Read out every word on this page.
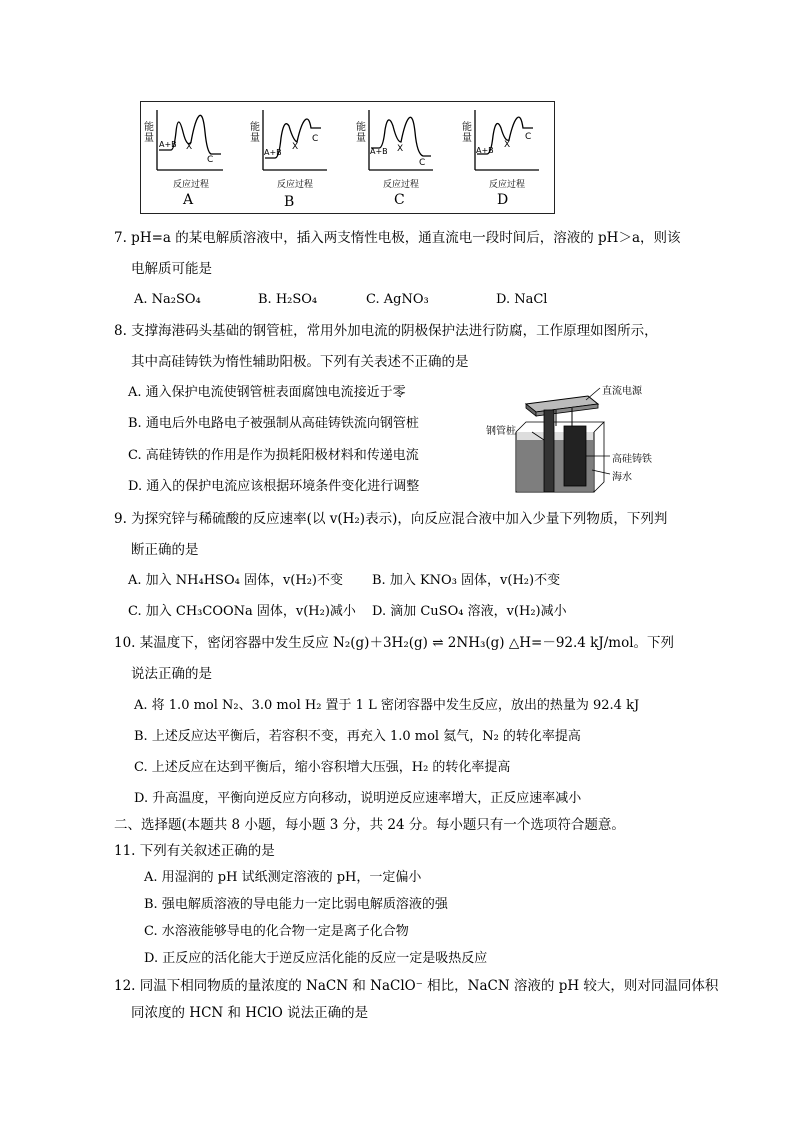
能量
A+B X
C
反应过程
A
能量
A+B
X
C
反应过程
B
能量
A+B X
C
反应过程
C
能量
A+B
X
C
反应过程
D
7. pH=a 的某电解质溶液中，插入两支惰性电极，通直流电一段时间后，溶液的 pH＞a，则该
电解质可能是
A. Na₂SO₄	B. H₂SO₄	C. AgNO₃	D. NaCl
8. 支撑海港码头基础的钢管桩，常用外加电流的阴极保护法进行防腐，工作原理如图所示，
其中高硅铸铁为惰性辅助阳极。下列有关表述不正确的是
A. 通入保护电流使钢管桩表面腐蚀电流接近于零
B. 通电后外电路电子被强制从高硅铸铁流向钢管桩
C. 高硅铸铁的作用是作为损耗阳极材料和传递电流
D. 通入的保护电流应该根据环境条件变化进行调整
直流电源
钢管桩
高硅铸铁
海水
9. 为探究锌与稀硫酸的反应速率(以 v(H₂)表示)，向反应混合液中加入少量下列物质，下列判
断正确的是
A. 加入 NH₄HSO₄ 固体，v(H₂)不变 B. 加入 KNO₃ 固体，v(H₂)不变
C. 加入 CH₃COONa 固体，v(H₂)减小 D. 滴加 CuSO₄ 溶液，v(H₂)减小
10. 某温度下，密闭容器中发生反应 N₂(g)＋3H₂(g) ⇌ 2NH₃(g) △H=－92.4 kJ/mol。下列
说法正确的是
A. 将 1.0 mol N₂、3.0 mol H₂ 置于 1 L 密闭容器中发生反应，放出的热量为 92.4 kJ
B. 上述反应达平衡后，若容积不变，再充入 1.0 mol 氦气，N₂ 的转化率提高
C. 上述反应在达到平衡后，缩小容积增大压强，H₂ 的转化率提高
D. 升高温度，平衡向逆反应方向移动，说明逆反应速率增大，正反应速率减小
二、选择题(本题共 8 小题，每小题 3 分，共 24 分。每小题只有一个选项符合题意。
11. 下列有关叙述正确的是
A. 用湿润的 pH 试纸测定溶液的 pH，一定偏小
B. 强电解质溶液的导电能力一定比弱电解质溶液的强
C. 水溶液能够导电的化合物一定是离子化合物
D. 正反应的活化能大于逆反应活化能的反应一定是吸热反应
12. 同温下相同物质的量浓度的 NaCN 和 NaClO⁻ 相比，NaCN 溶液的 pH 较大，则对同温同体积
同浓度的 HCN 和 HClO 说法正确的是
